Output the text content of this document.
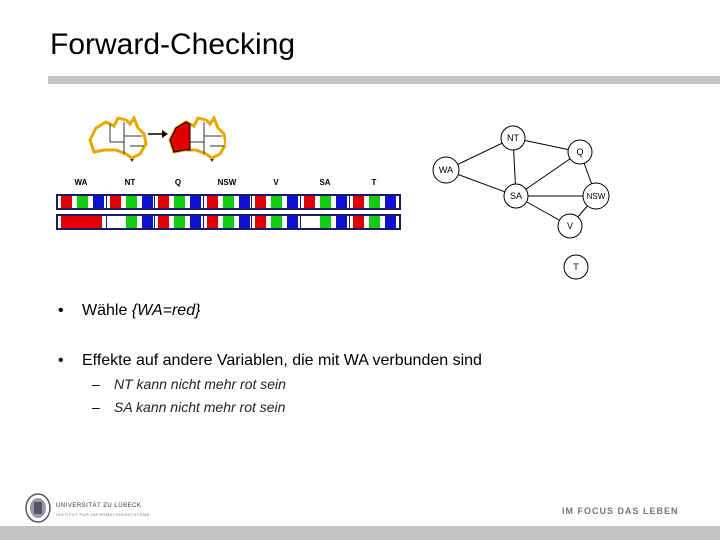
Forward-Checking
WA	NT	Q	NSW	V	SA	T
NT
Q
WA
SA	NSW
V
T
• Wähle {WA=red}
• Effekte auf andere Variablen, die mit WA verbunden sind
– NT kann nicht mehr rot sein
– SA kann nicht mehr rot sein
UNIVERSITÄT ZU LÜBECK
INSTITUT FÜR INFORMATIONSSYSTEME	IM FOCUS DAS LEBEN
